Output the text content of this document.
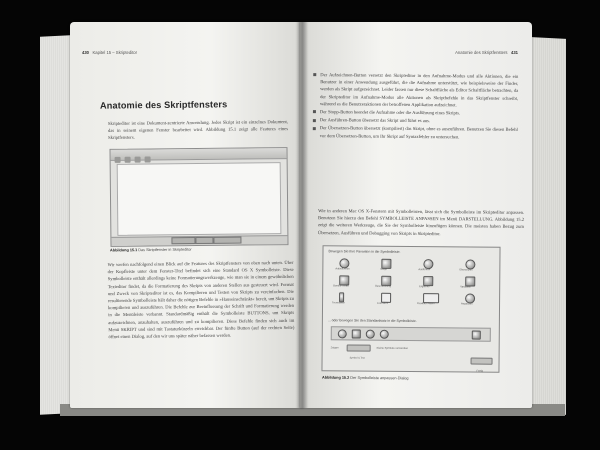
430 Kapitel 15 – Skripteditor
Anatomie des Skriptfensters
Skripteditor ist eine Dokument-zentrierte Anwendung. Jedes Skript ist ein einzelnes Dokument, das in seinem eigenen Fenster bearbeitet wird. Abbildung 15.1 zeigt alle Features eines Skriptfensters.
Abbildung 15.1 Das Skriptfenster in Skripteditor
Wir werfen nachfolgend einen Blick auf die Features des Skriptfensters von oben nach unten. Über der Kopfleiste unter dem Fenster-Titel befindet sich eine Standard OS X Symbolleiste. Diese Symbolleiste enthält allerdings keine Formatierungswerkzeuge, wie man sie in einem gewöhnlichen Texteditor findet, da die Formatierung des Skripts von anderen Stellen aus gesteuert wird. Format und Zweck von Skripteditor ist es, das Kompilieren und Testen von Skripts zu vereinfachen. Die resultierende Symbolleiste hält daher die nötigen Befehle in »Hauseinschränkt« bereit, um Skripts zu kompilieren und auszuführen. Die Befehle zur Beeinflussung der Schrift und Formatierung werden in die Menüleiste verbannt. Standardmäßig enthält die Symbolleiste BUTTONS, um Skripts aufzuzeichnen, anzuhalten, auszuführen und zu kompilieren. Diese Befehle finden sich auch im Menü SKRIPT und sind mit Tastaturkürzeln erreichbar. Der fünfte Button (auf der rechten Seite) öffnet einen Dialog, auf den wir uns später näher befassen werden.
Anatomie des Skriptfensters 431
Der Aufzeichnen-Button versetzt den Skripteditor in den Aufnahme-Modus und alle Aktionen, die ein Benutzer in einer Anwendung ausgeführt, die die Aufnahme unterstützt, wie beispielsweise der Finder, werden als Skript aufgezeichnet. Leider fassen nur diese Schaltfläche als Editor Schaltfläche betrachten, da der Skripteditor im Aufnahme-Modus alle Aktionen als Skriptbefehle in das Skriptfenster schreibt, während es die Benutzeraktionen der betroffenen Applikation aufzeichnet.
Der Stopp-Button beendet die Aufnahme oder die Ausführung eines Skripts.
Der Ausführen-Button übersetzt das Skript und führt es aus.
Der Übersetzen-Button übersetzt (kompiliert) das Skript, ohne es auszuführen. Benutzen Sie diesen Befehl vor dem Übersetzen-Button, um Ihr Skript auf Syntaxfehler zu untersuchen.
Wie in anderen Mac OS X-Fenstern mit Symbolleisten, lässt sich die Symbolleiste im Skripteditor anpassen. Benutzen Sie hierzu den Befehl SYMBOLLEISTE ANPASSEN im Menü DARSTELLUNG. Abbildung 15.2 zeigt die weiteren Werkzeuge, die Sie der Symbolleiste hinzufügen können. Die meisten haben Bezug zum Übersetzen, Ausführen und Debugging von Skripts in Skripteditor.
Bewegen Sie Ihre Favoriten in die Symbolleiste.
Aufzeichnen	Stopp	Ausführen	Übersetzen
Bundle-Inhalt	Beschreibung	Ergebnis	Variablen
Trennstrich	Leerraum	Flexibler Raum	Anpassen
... oder bewegen Sie den Standardsatz in die Symbolleiste.
Zeigen
Symbol & Text
Kleine Symbole verwenden
Fertig
Abbildung 15.2 Der Symbolleiste anpassen-Dialog
